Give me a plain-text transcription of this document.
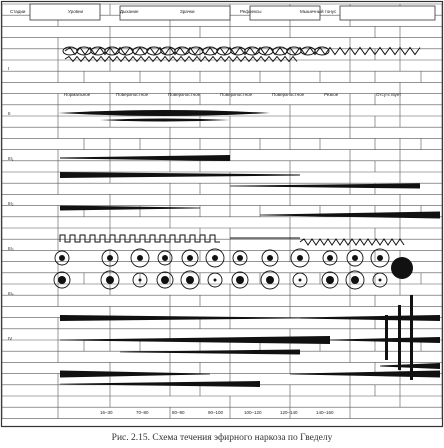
Стадии	Уровни	Дыхание	Зрачки	Рефлексы	Мышечный тонус
I
II
III₁
III₂
III₃
III₄
IV
Нормальное	Поверхностное	Поверхностное	Поверхностное	Поверхностное	Резкое	Отсутствует
16–30	70–80	80–90	90–100	100–120	120–140	140–160
Рис. 2.15. Схема течения эфирного наркоза по Гведелу
